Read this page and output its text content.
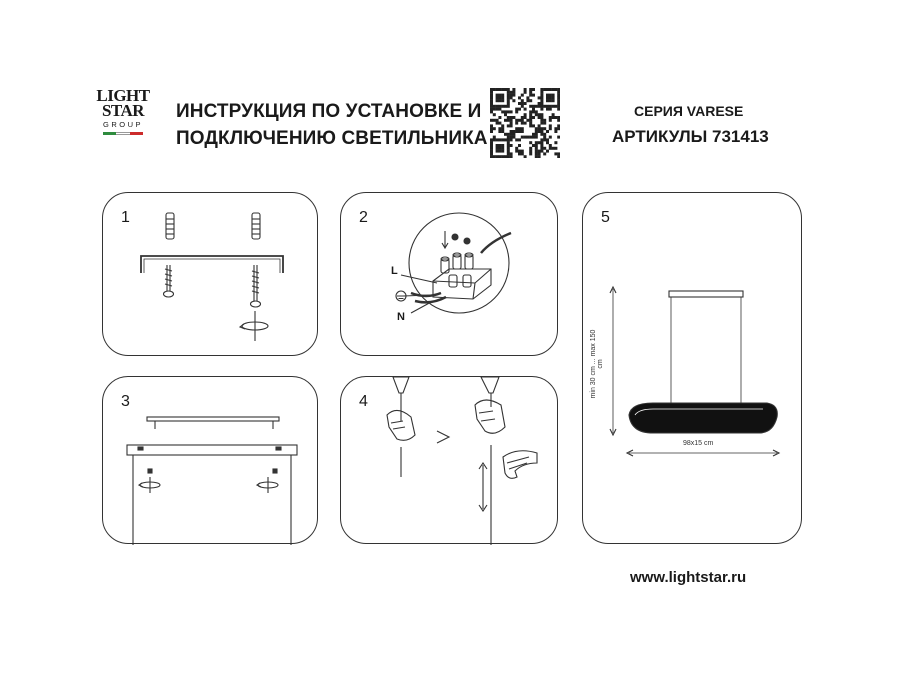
LIGHT
STAR
GROUP
ИНСТРУКЦИЯ ПО УСТАНОВКЕ И
ПОДКЛЮЧЕНИЮ СВЕТИЛЬНИКА
СЕРИЯ VARESE
АРТИКУЛЫ 731413
1	2
L
N
3	4
5
min 30 cm ... max 150 cm
98x15 cm
www.lightstar.ru
